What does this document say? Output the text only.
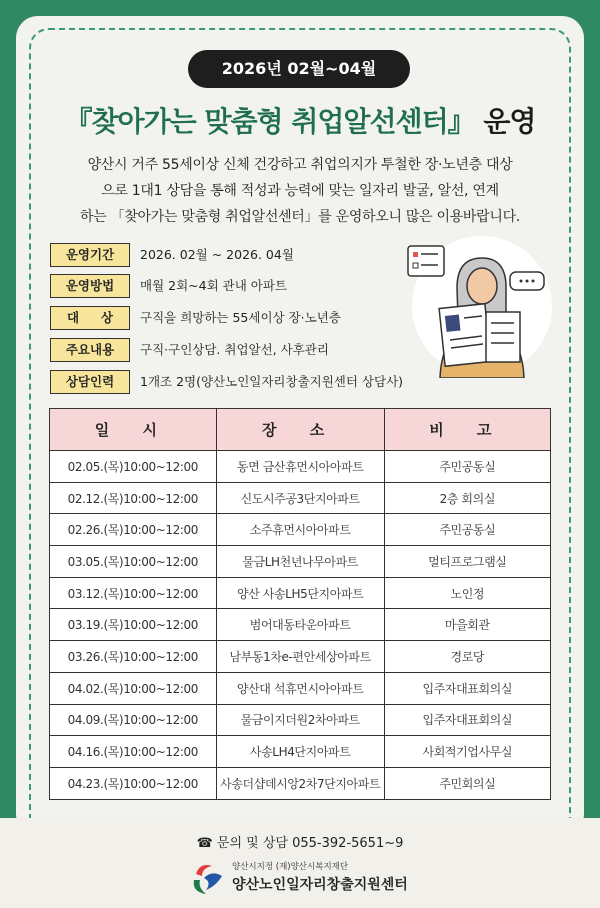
2026년 02월~04월
『찾아가는 맞춤형 취업알선센터』 운영
양산시 거주 55세이상 신체 건강하고 취업의지가 투철한 장·노년층 대상
으로 1대1 상담을 통해 적성과 능력에 맞는 일자리 발굴, 알선, 연계
하는 「찾아가는 맞춤형 취업알선센터」를 운영하오니 많은 이용바랍니다.
운영기간	2026. 02월 ~ 2026. 04월
운영방법	매월 2회~4회 관내 아파트
대     상	구직을 희망하는 55세이상 장·노년층
주요내용	구직·구인상담. 취업알선, 사후관리
상담인력	1개조 2명(양산노인일자리창출지원센터 상담사)
일 시	장 소	비 고
02.05.(목)10:00~12:00	동면 금산휴먼시아아파트	주민공동실
02.12.(목)10:00~12:00	신도시주공3단지아파트	2층 회의실
02.26.(목)10:00~12:00	소주휴먼시아아파트	주민공동실
03.05.(목)10:00~12:00	물금LH천년나무아파트	멀티프로그램실
03.12.(목)10:00~12:00	양산 사송LH5단지아파트	노인정
03.19.(목)10:00~12:00	범어대동타운아파트	마을회관
03.26.(목)10:00~12:00	남부동1차e-편안세상아파트	경로당
04.02.(목)10:00~12:00	양산대 석휴먼시아아파트	입주자대표회의실
04.09.(목)10:00~12:00	물금이지더원2차아파트	입주자대표회의실
04.16.(목)10:00~12:00	사송LH4단지아파트	사회적기업사무실
04.23.(목)10:00~12:00	사송더샵데시앙2차7단지아파트	주민회의실
☎ 문의 및 상담 055-392-5651~9
양산시지정 (재)양산시복지재단
양산노인일자리창출지원센터
